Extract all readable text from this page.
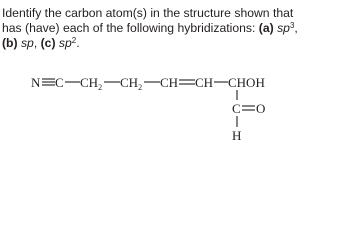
Identify the carbon atom(s) in the structure shown that
has (have) each of the following hybridizations: (a) $sp^3$,
(b) sp, (c) $sp^2$.
N C $CH_2$ $CH_2$ CH CH CHOH
C O
H
